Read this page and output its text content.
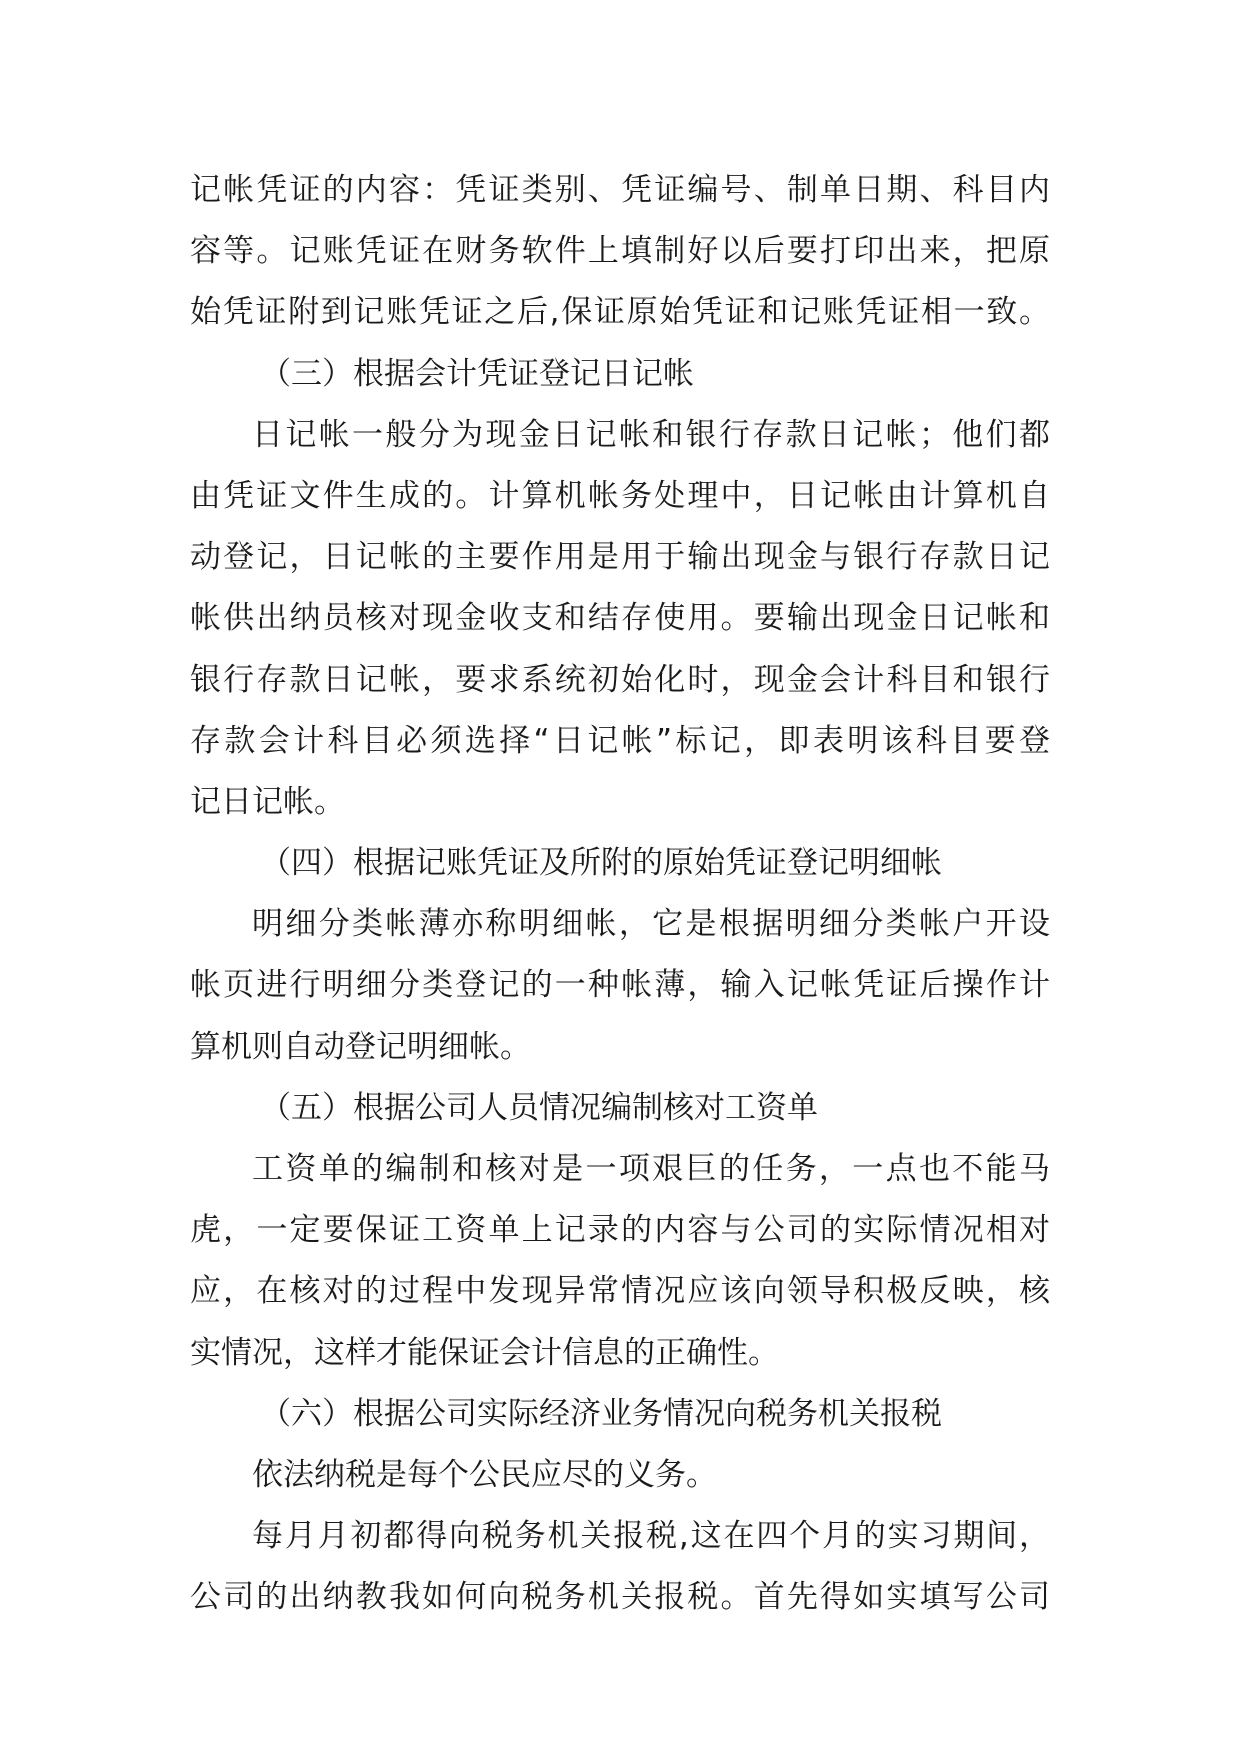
记帐凭证的内容：凭证类别、凭证编号、制单日期、科目内
容等。记账凭证在财务软件上填制好以后要打印出来，把原
始凭证附到记账凭证之后,保证原始凭证和记账凭证相一致。
（三）根据会计凭证登记日记帐
日记帐一般分为现金日记帐和银行存款日记帐；他们都
由凭证文件生成的。计算机帐务处理中，日记帐由计算机自
动登记，日记帐的主要作用是用于输出现金与银行存款日记
帐供出纳员核对现金收支和结存使用。要输出现金日记帐和
银行存款日记帐，要求系统初始化时，现金会计科目和银行
存款会计科目必须选择“日记帐”标记，即表明该科目要登
记日记帐。
（四）根据记账凭证及所附的原始凭证登记明细帐
明细分类帐薄亦称明细帐，它是根据明细分类帐户开设
帐页进行明细分类登记的一种帐薄，输入记帐凭证后操作计
算机则自动登记明细帐。
（五）根据公司人员情况编制核对工资单
工资单的编制和核对是一项艰巨的任务，一点也不能马
虎，一定要保证工资单上记录的内容与公司的实际情况相对
应，在核对的过程中发现异常情况应该向领导积极反映，核
实情况，这样才能保证会计信息的正确性。
（六）根据公司实际经济业务情况向税务机关报税
依法纳税是每个公民应尽的义务。
每月月初都得向税务机关报税,这在四个月的实习期间，
公司的出纳教我如何向税务机关报税。首先得如实填写公司
